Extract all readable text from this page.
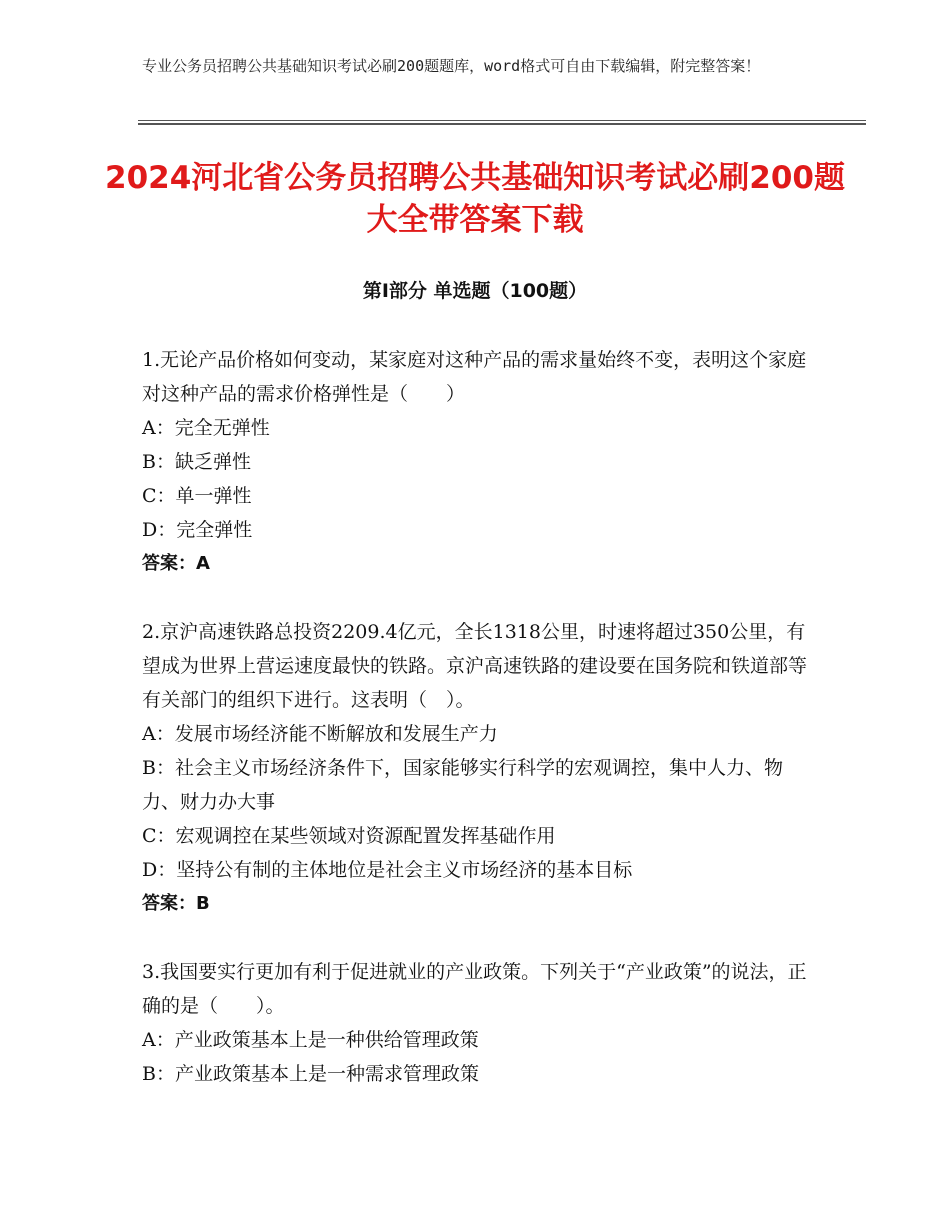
专业公务员招聘公共基础知识考试必刷200题题库，word格式可自由下载编辑，附完整答案！
2024河北省公务员招聘公共基础知识考试必刷200题大全带答案下载
第Ⅰ部分 单选题（100题）

1.无论产品价格如何变动，某家庭对这种产品的需求量始终不变，表明这个家庭对这种产品的需求价格弹性是（　　）

A：完全无弹性

B：缺乏弹性

C：单一弹性

D：完全弹性

答案：A

2.京沪高速铁路总投资2209.4亿元，全长1318公里，时速将超过350公里，有望成为世界上营运速度最快的铁路。京沪高速铁路的建设要在国务院和铁道部等有关部门的组织下进行。这表明（　）。

A：发展市场经济能不断解放和发展生产力

B：社会主义市场经济条件下，国家能够实行科学的宏观调控，集中人力、物力、财力办大事

C：宏观调控在某些领域对资源配置发挥基础作用

D：坚持公有制的主体地位是社会主义市场经济的基本目标

答案：B

3.我国要实行更加有利于促进就业的产业政策。下列关于“产业政策”的说法，正确的是（　　）。

A：产业政策基本上是一种供给管理政策

B：产业政策基本上是一种需求管理政策
